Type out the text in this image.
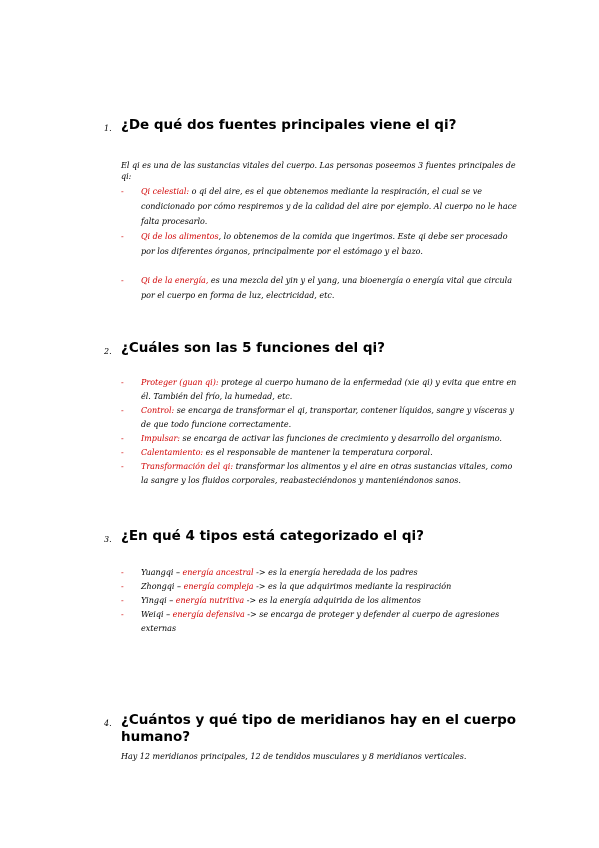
1. ¿De qué dos fuentes principales viene el qi?
El qi es una de las sustancias vitales del cuerpo. Las personas poseemos 3 fuentes principales de qi:
- Qi celestial: o qi del aire, es el que obtenemos mediante la respiración, el cual se ve condicionado por cómo respiremos y de la calidad del aire por ejemplo. Al cuerpo no le hace falta procesarlo.
- Qi de los alimentos, lo obtenemos de la comida que ingerimos. Este qi debe ser procesado por los diferentes órganos, principalmente por el estómago y el bazo.
- Qi de la energía, es una mezcla del yin y el yang, una bioenergía o energía vital que circula por el cuerpo en forma de luz, electricidad, etc.
2. ¿Cuáles son las 5 funciones del qi?
- Proteger (guan qi): protege al cuerpo humano de la enfermedad (xie qi) y evita que entre en él. También del frío, la humedad, etc.
- Control: se encarga de transformar el qi, transportar, contener líquidos, sangre y vísceras y de que todo funcione correctamente.
- Impulsar: se encarga de activar las funciones de crecimiento y desarrollo del organismo.
- Calentamiento: es el responsable de mantener la temperatura corporal.
- Transformación del qi: transformar los alimentos y el aire en otras sustancias vitales, como la sangre y los fluidos corporales, reabasteciéndonos y manteniéndonos sanos.
3. ¿En qué 4 tipos está categorizado el qi?
- Yuangqi – energía ancestral -> es la energía heredada de los padres
- Zhongqi – energía compleja -> es la que adquirimos mediante la respiración
- Yingqi – energía nutritiva -> es la energía adquirida de los alimentos
- Weiqi – energía defensiva -> se encarga de proteger y defender al cuerpo de agresiones externas
4. ¿Cuántos y qué tipo de meridianos hay en el cuerpo humano?
Hay 12 meridianos principales, 12 de tendidos musculares y 8 meridianos verticales.
